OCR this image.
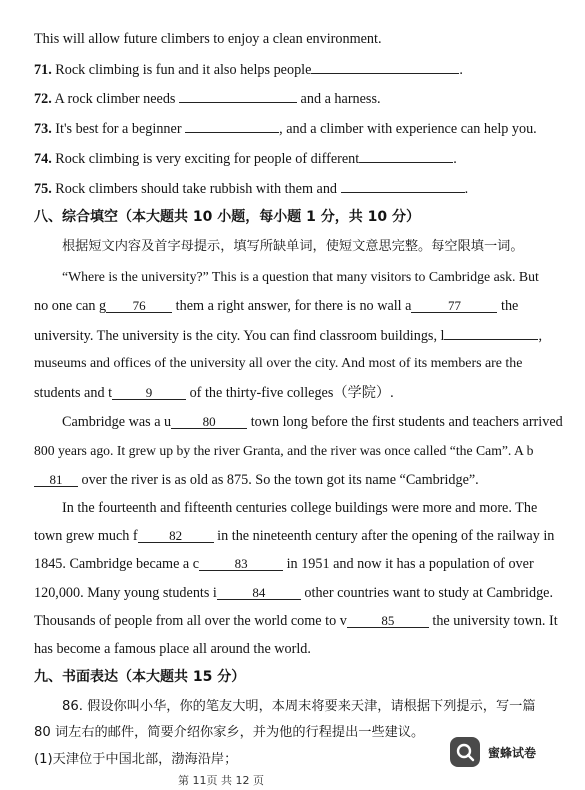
This will allow future climbers to enjoy a clean environment.
71. Rock climbing is fun and it also helps people	.
72. A rock climber needs	and a harness.
73. It's best for a beginner	, and a climber with experience can help you.
74. Rock climbing is very exciting for people of different	.
75. Rock climbers should take rubbish with them and	.
八、综合填空（本大题共 10 小题，每小题 1 分，共 10 分）
根据短文内容及首字母提示，填写所缺单词，使短文意思完整。每空限填一词。
“Where is the university?” This is a question that many visitors to Cambridge ask. But
no one can g 76 them a right answer, for there is no wall a	77	the
university. The university is the city. You can find classroom buildings, l	,
museums and offices of the university all over the city. And most of its members are the
students and t	9	of the thirty-five colleges（学院）.
Cambridge was a u 80 town long before the first students and teachers arrived
800 years ago. It grew up by the river Granta, and the river was once called “the Cam”. A b
81 over the river is as old as 875. So the town got its name “Cambridge”.
In the fourteenth and fifteenth centuries college buildings were more and more. The
town grew much f 82 in the nineteenth century after the opening of the railway in
1845. Cambridge became a c	83	in 1951 and now it has a population of over
120,000. Many young students i	84	other countries want to study at Cambridge.
Thousands of people from all over the world come to v	85	the university town. It
has become a famous place all around the world.
九、书面表达（本大题共 15 分）
86. 假设你叫小华，你的笔友大明，本周末将要来天津，请根据下列提示，写一篇
80 词左右的邮件，简要介绍你家乡，并为他的行程提出一些建议。
(1)天津位于中国北部，渤海沿岸；
第 11页 共 12 页
蜜蜂试卷
